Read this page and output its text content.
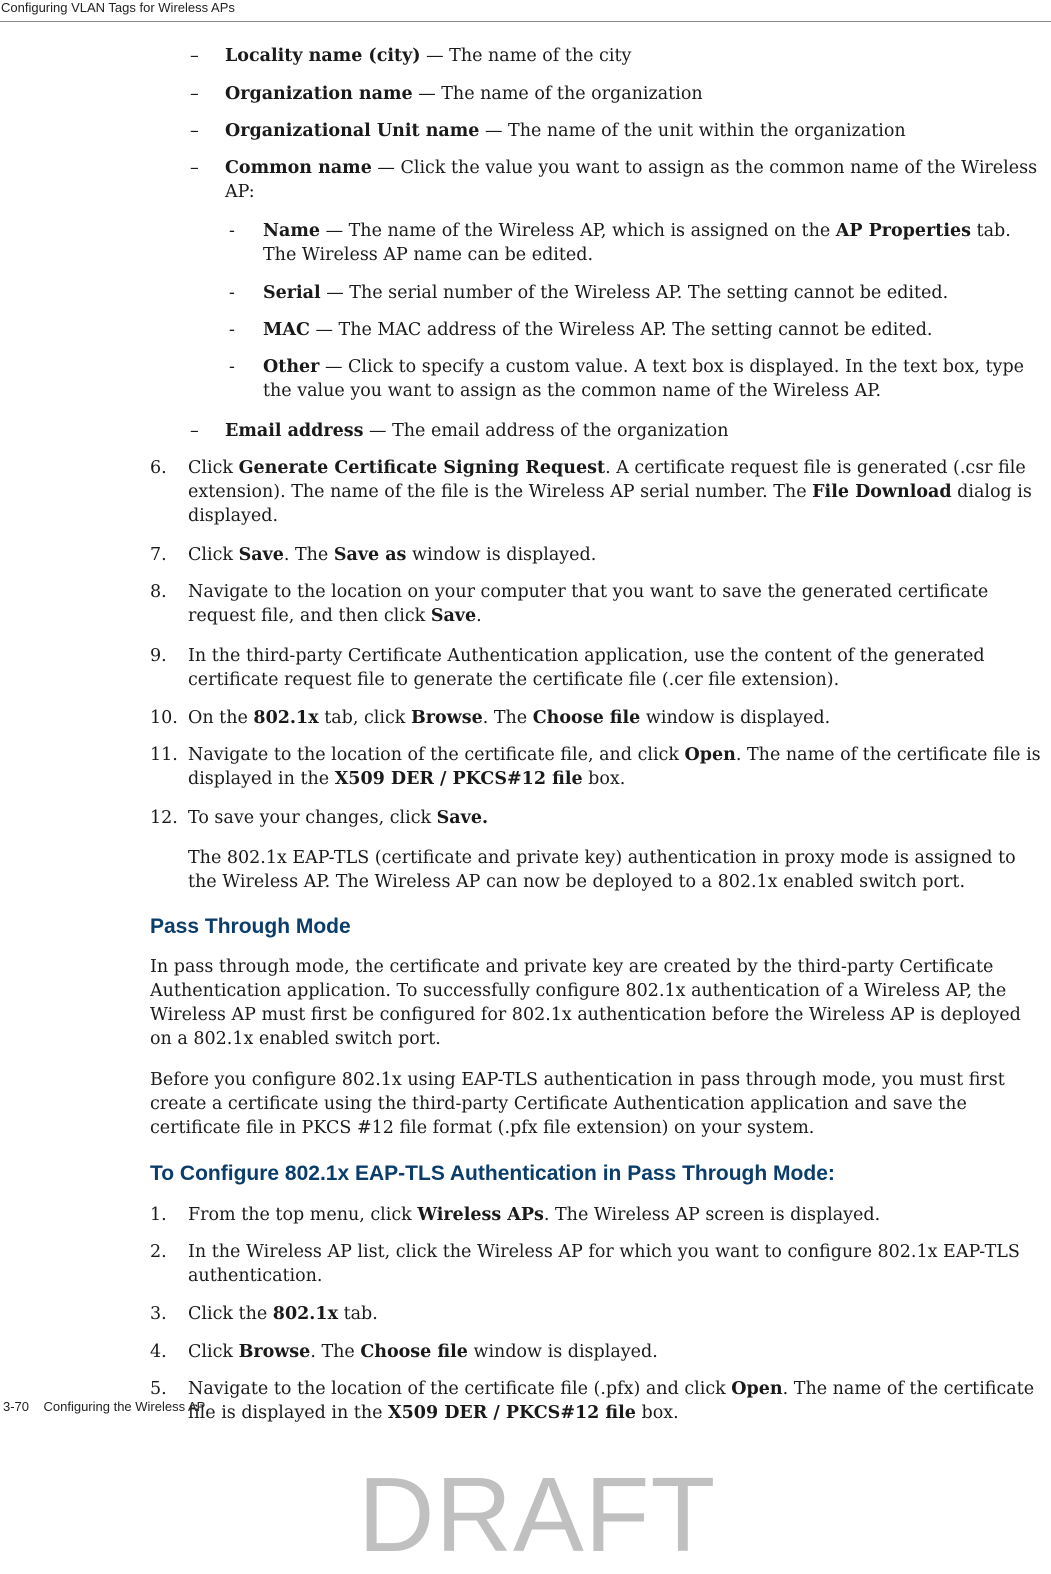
Configuring VLAN Tags for Wireless APs
– Locality name (city) — The name of the city
– Organization name — The name of the organization
– Organizational Unit name — The name of the unit within the organization
– Common name — Click the value you want to assign as the common name of the Wireless AP:
- Name — The name of the Wireless AP, which is assigned on the AP Properties tab. The Wireless AP name can be edited.
- Serial — The serial number of the Wireless AP. The setting cannot be edited.
- MAC — The MAC address of the Wireless AP. The setting cannot be edited.
- Other — Click to specify a custom value. A text box is displayed. In the text box, type the value you want to assign as the common name of the Wireless AP.
– Email address — The email address of the organization
6. Click Generate Certificate Signing Request. A certificate request file is generated (.csr file extension). The name of the file is the Wireless AP serial number. The File Download dialog is displayed.
7. Click Save. The Save as window is displayed.
8. Navigate to the location on your computer that you want to save the generated certificate request file, and then click Save.
9. In the third-party Certificate Authentication application, use the content of the generated certificate request file to generate the certificate file (.cer file extension).
10. On the 802.1x tab, click Browse. The Choose file window is displayed.
11. Navigate to the location of the certificate file, and click Open. The name of the certificate file is displayed in the X509 DER / PKCS#12 file box.
12. To save your changes, click Save.
The 802.1x EAP-TLS (certificate and private key) authentication in proxy mode is assigned to the Wireless AP. The Wireless AP can now be deployed to a 802.1x enabled switch port.
Pass Through Mode
In pass through mode, the certificate and private key are created by the third-party Certificate Authentication application. To successfully configure 802.1x authentication of a Wireless AP, the Wireless AP must first be configured for 802.1x authentication before the Wireless AP is deployed on a 802.1x enabled switch port.
Before you configure 802.1x using EAP-TLS authentication in pass through mode, you must first create a certificate using the third-party Certificate Authentication application and save the certificate file in PKCS #12 file format (.pfx file extension) on your system.
To Configure 802.1x EAP-TLS Authentication in Pass Through Mode:
1. From the top menu, click Wireless APs. The Wireless AP screen is displayed.
2. In the Wireless AP list, click the Wireless AP for which you want to configure 802.1x EAP-TLS authentication.
3. Click the 802.1x tab.
4. Click Browse. The Choose file window is displayed.
5. Navigate to the location of the certificate file (.pfx) and click Open. The name of the certificate file is displayed in the X509 DER / PKCS#12 file box.
3-70 Configuring the Wireless AP
DRAFT
